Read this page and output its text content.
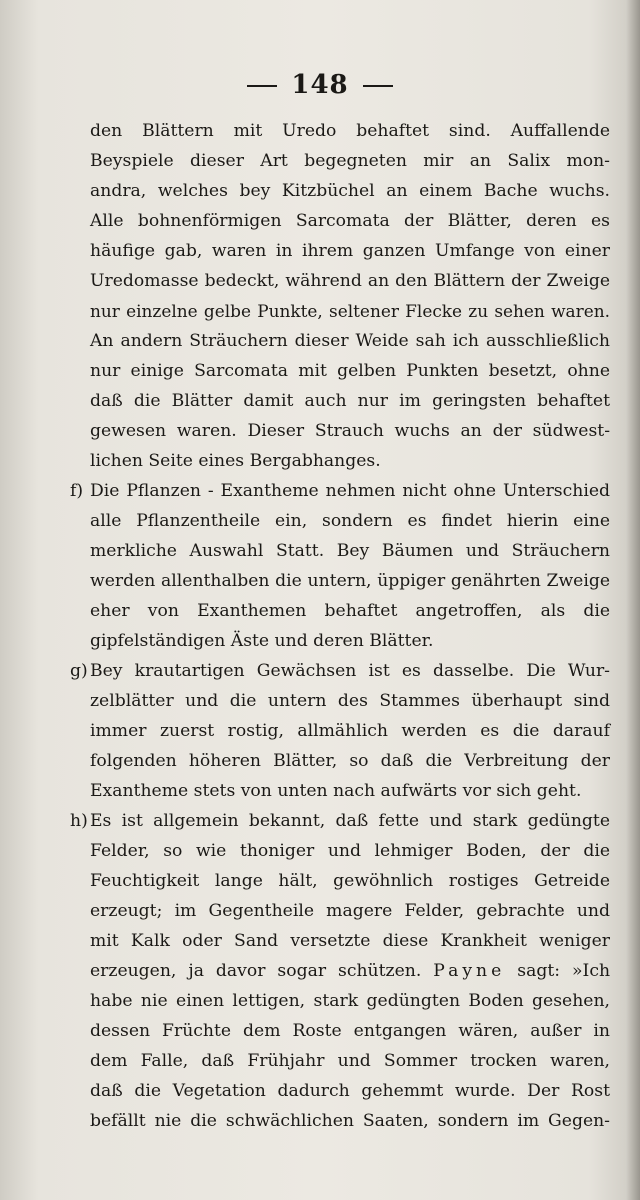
148
den Blättern mit Uredo behaftet sind. Auffallende
Beyspiele dieser Art begegneten mir an Salix mon-
andra, welches bey Kitzbüchel an einem Bache wuchs.
Alle bohnenförmigen Sarcomata der Blätter, deren es
häufige gab, waren in ihrem ganzen Umfange von einer
Uredomasse bedeckt, während an den Blättern der Zweige
nur einzelne gelbe Punkte, seltener Flecke zu sehen waren.
An andern Sträuchern dieser Weide sah ich ausschließlich
nur einige Sarcomata mit gelben Punkten besetzt, ohne
daß die Blätter damit auch nur im geringsten behaftet
gewesen waren. Dieser Strauch wuchs an der südwest-
lichen Seite eines Bergabhanges.
f) Die Pflanzen - Exantheme nehmen nicht ohne Unterschied
alle Pflanzentheile ein, sondern es findet hierin eine
merkliche Auswahl Statt. Bey Bäumen und Sträuchern
werden allenthalben die untern, üppiger genährten Zweige
eher von Exanthemen behaftet angetroffen, als die
gipfelständigen Äste und deren Blätter.
g) Bey krautartigen Gewächsen ist es dasselbe. Die Wur-
zelblätter und die untern des Stammes überhaupt sind
immer zuerst rostig, allmählich werden es die darauf
folgenden höheren Blätter, so daß die Verbreitung der
Exantheme stets von unten nach aufwärts vor sich geht.
h) Es ist allgemein bekannt, daß fette und stark gedüngte
Felder, so wie thoniger und lehmiger Boden, der die
Feuchtigkeit lange hält, gewöhnlich rostiges Getreide
erzeugt; im Gegentheile magere Felder, gebrachte und
mit Kalk oder Sand versetzte diese Krankheit weniger
erzeugen, ja davor sogar schützen. Payne sagt: »Ich
habe nie einen lettigen, stark gedüngten Boden gesehen,
dessen Früchte dem Roste entgangen wären, außer in
dem Falle, daß Frühjahr und Sommer trocken waren,
daß die Vegetation dadurch gehemmt wurde. Der Rost
befällt nie die schwächlichen Saaten, sondern im Gegen-
